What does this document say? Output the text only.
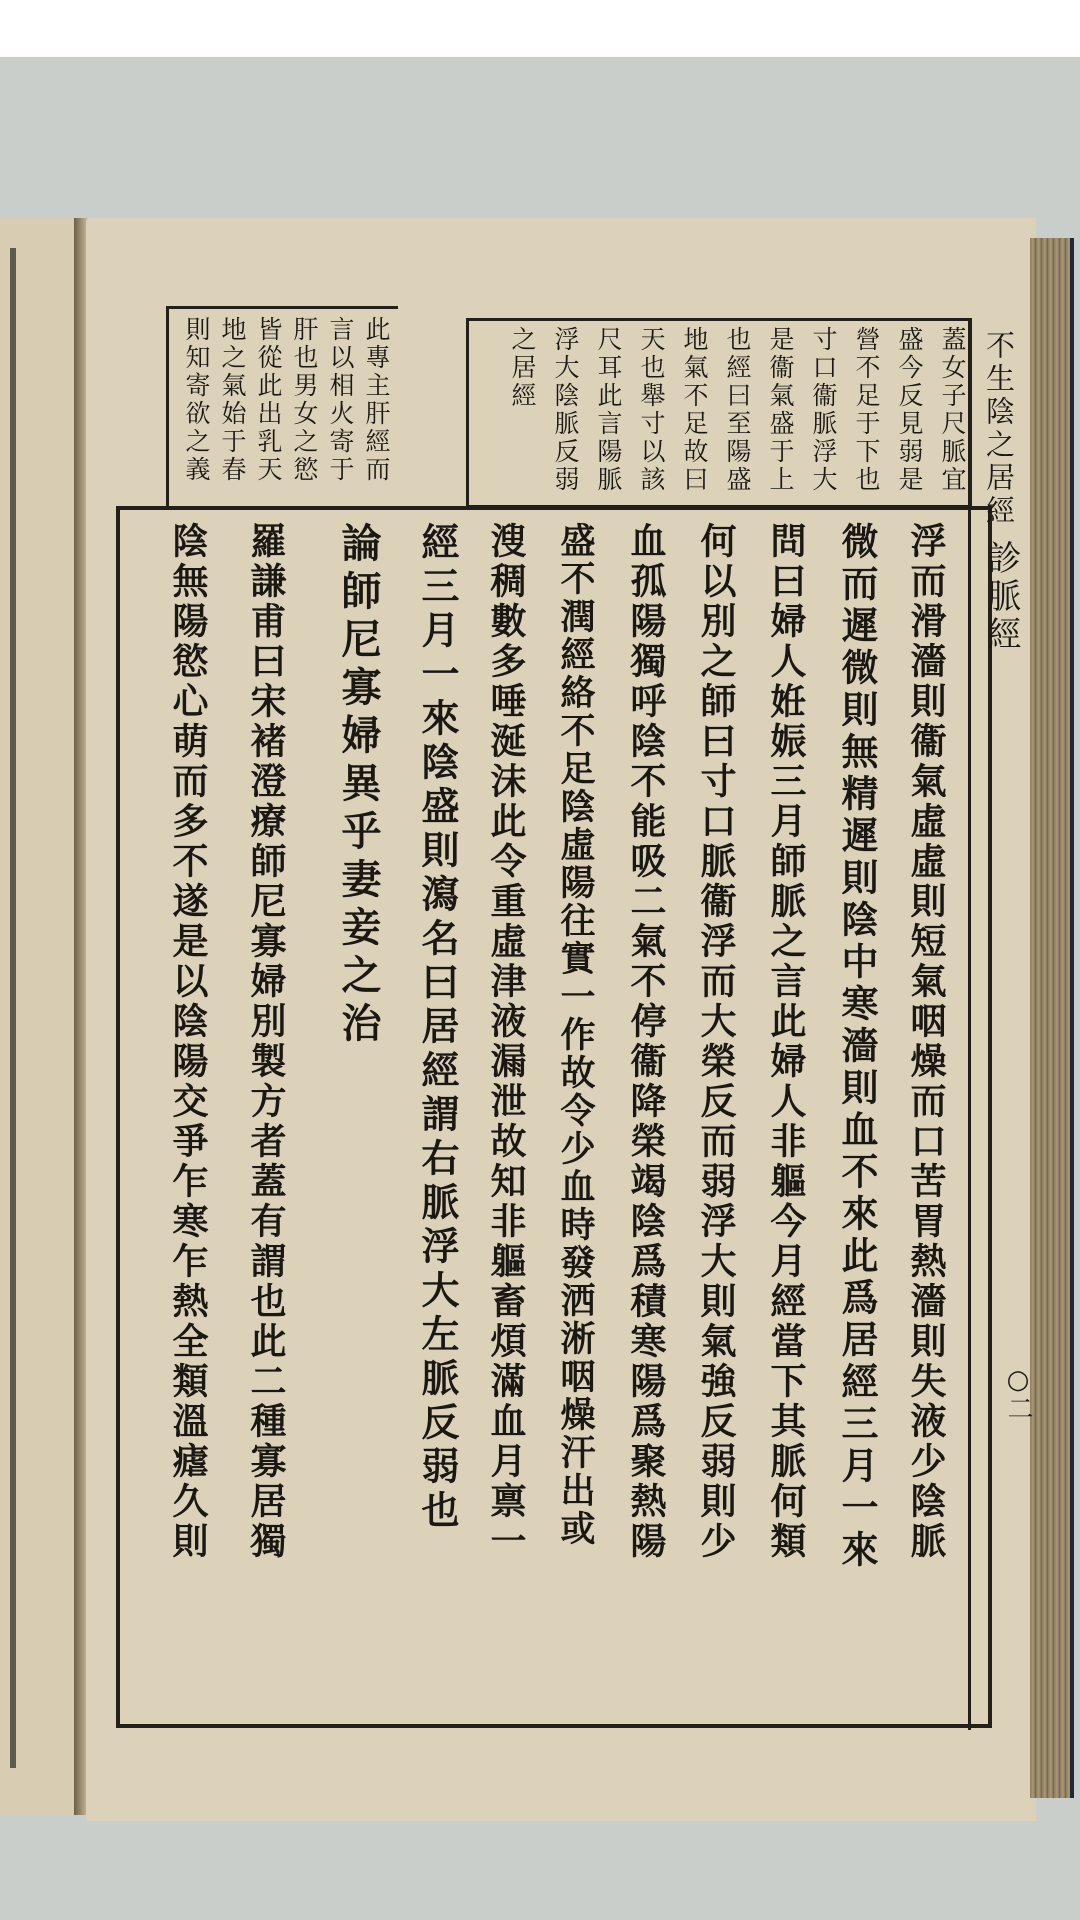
不生陰之居經
診脈經
○二
蓋女子尺脈宜
盛今反見弱是
營不足于下也
寸口衞脈浮大
是衞氣盛于上
也經曰至陽盛
地氣不足故曰
天也舉寸以該
尺耳此言陽脈
浮大陰脈反弱
之居經
此專主肝經而
言以相火寄于
肝也男女之慾
皆從此出乳天
地之氣始于春
則知寄欲之義
浮而滑濇則衞氣虛虛則短氣咽燥而口苦胃熱濇則失液少陰脈
微而遲微則無精遲則陰中寒濇則血不來此爲居經三月一來
問曰婦人姙娠三月師脈之言此婦人非軀今月經當下其脈何類
何以別之師曰寸口脈衞浮而大榮反而弱浮大則氣強反弱則少
血孤陽獨呼陰不能吸二氣不停衞降榮竭陰爲積寒陽爲聚熱陽
盛不潤經絡不足陰虛陽往實一作故令少血時發洒淅咽燥汗出或
溲稠數多唾涎沫此令重虛津液漏泄故知非軀畜煩滿血月禀一
經三月一來陰盛則瀉名曰居經謂右脈浮大左脈反弱也
論師尼寡婦異乎妻妾之治
羅謙甫曰宋褚澄療師尼寡婦別製方者蓋有謂也此二種寡居獨
陰無陽慾心萌而多不遂是以陰陽交爭乍寒乍熱全類溫瘧久則
